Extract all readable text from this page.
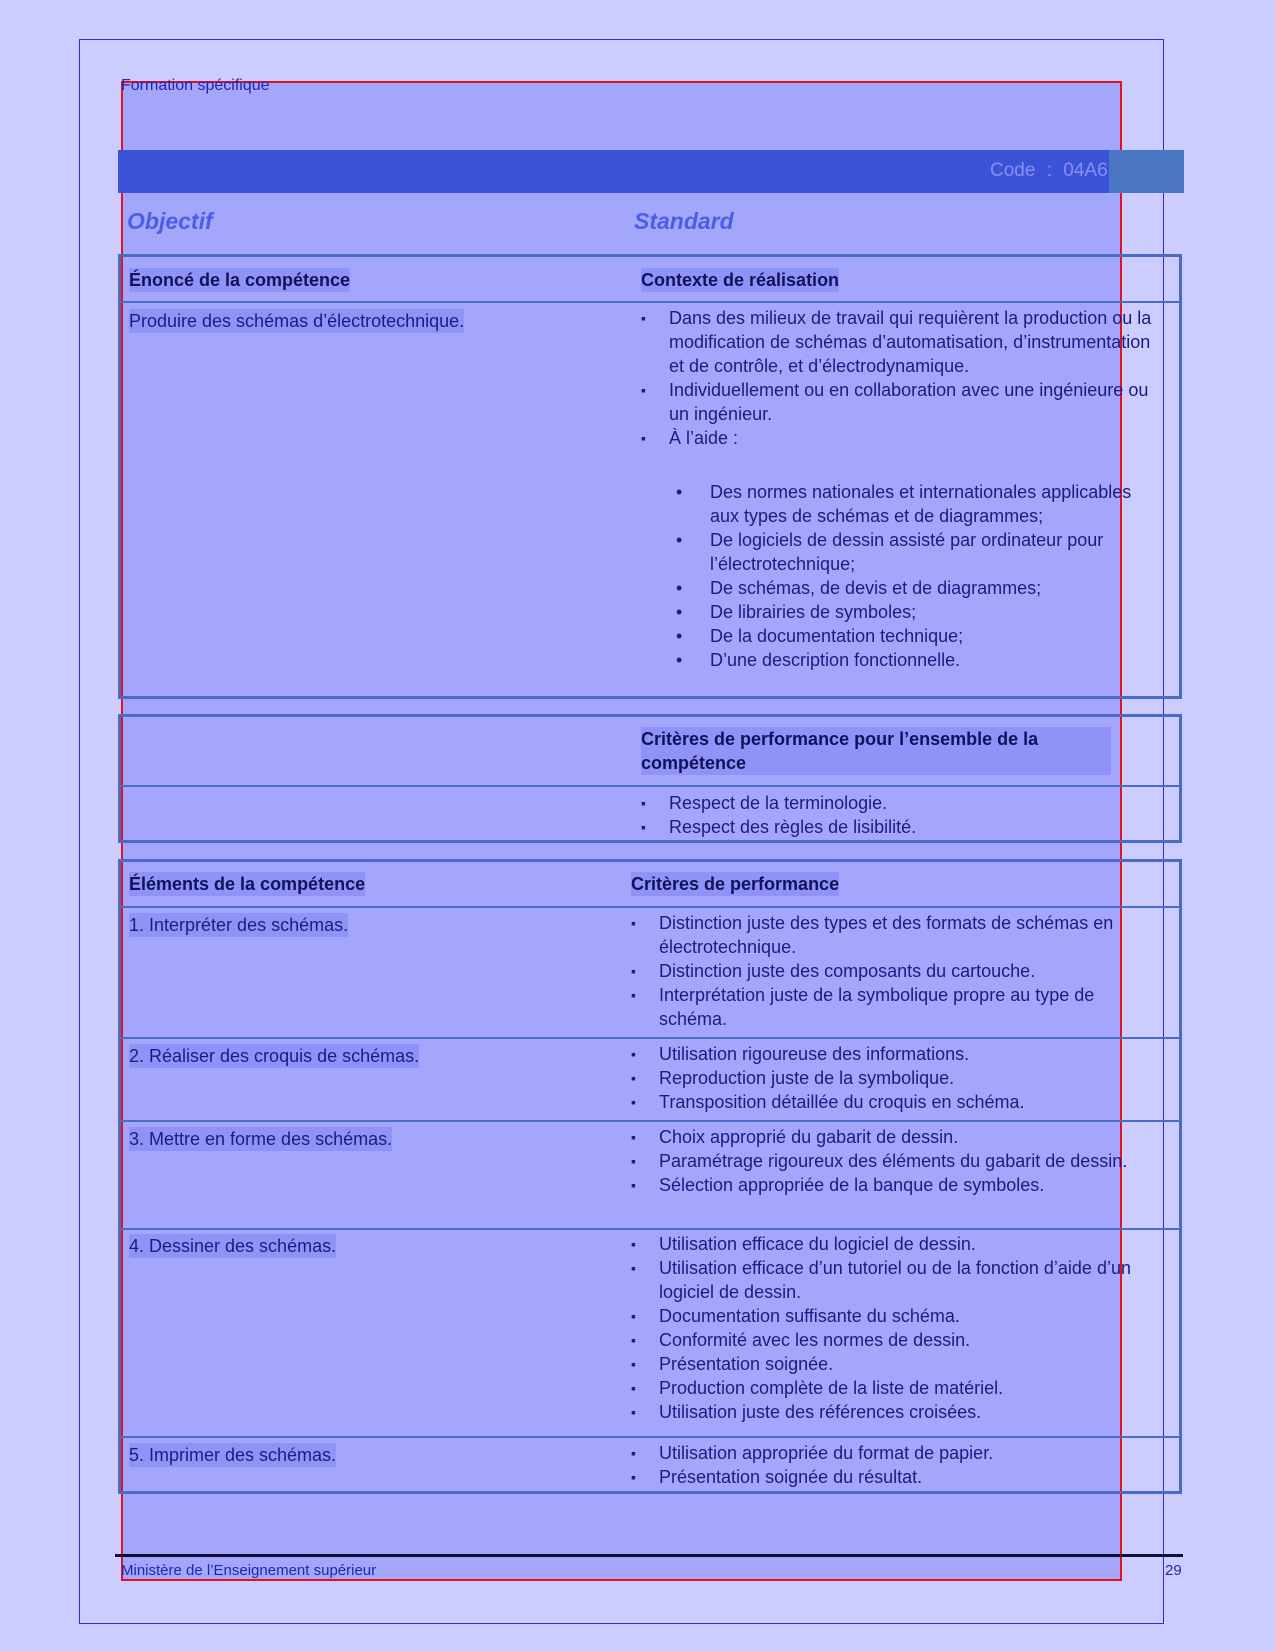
Formation spécifique
Code : 04A6
Objectif	Standard
Énoncé de la compétence	Contexte de réalisation
Produire des schémas d’électrotechnique.	▪ Dans des milieux de travail qui requièrent la production ou la modification de schémas d’automatisation, d’instrumentation et de contrôle, et d’électrodynamique.
▪ Individuellement ou en collaboration avec une ingénieure ou un ingénieur.
▪ À l’aide :
• Des normes nationales et internationales applicables aux types de schémas et de diagrammes;
• De logiciels de dessin assisté par ordinateur pour l’électrotechnique;
• De schémas, de devis et de diagrammes;
• De librairies de symboles;
• De la documentation technique;
• D’une description fonctionnelle.
Critères de performance pour l’ensemble de la compétence
▪ Respect de la terminologie.
▪ Respect des règles de lisibilité.
Éléments de la compétence	Critères de performance
1. Interpréter des schémas.	▪ Distinction juste des types et des formats de schémas en électrotechnique.
▪ Distinction juste des composants du cartouche.
▪ Interprétation juste de la symbolique propre au type de schéma.
2. Réaliser des croquis de schémas.	▪ Utilisation rigoureuse des informations.
▪ Reproduction juste de la symbolique.
▪ Transposition détaillée du croquis en schéma.
3. Mettre en forme des schémas.	▪ Choix approprié du gabarit de dessin.
▪ Paramétrage rigoureux des éléments du gabarit de dessin.
▪ Sélection appropriée de la banque de symboles.
4. Dessiner des schémas.	▪ Utilisation efficace du logiciel de dessin.
▪ Utilisation efficace d’un tutoriel ou de la fonction d’aide d’un logiciel de dessin.
▪ Documentation suffisante du schéma.
▪ Conformité avec les normes de dessin.
▪ Présentation soignée.
▪ Production complète de la liste de matériel.
▪ Utilisation juste des références croisées.
5. Imprimer des schémas.	▪ Utilisation appropriée du format de papier.
▪ Présentation soignée du résultat.
Ministère de l’Enseignement supérieur	29
